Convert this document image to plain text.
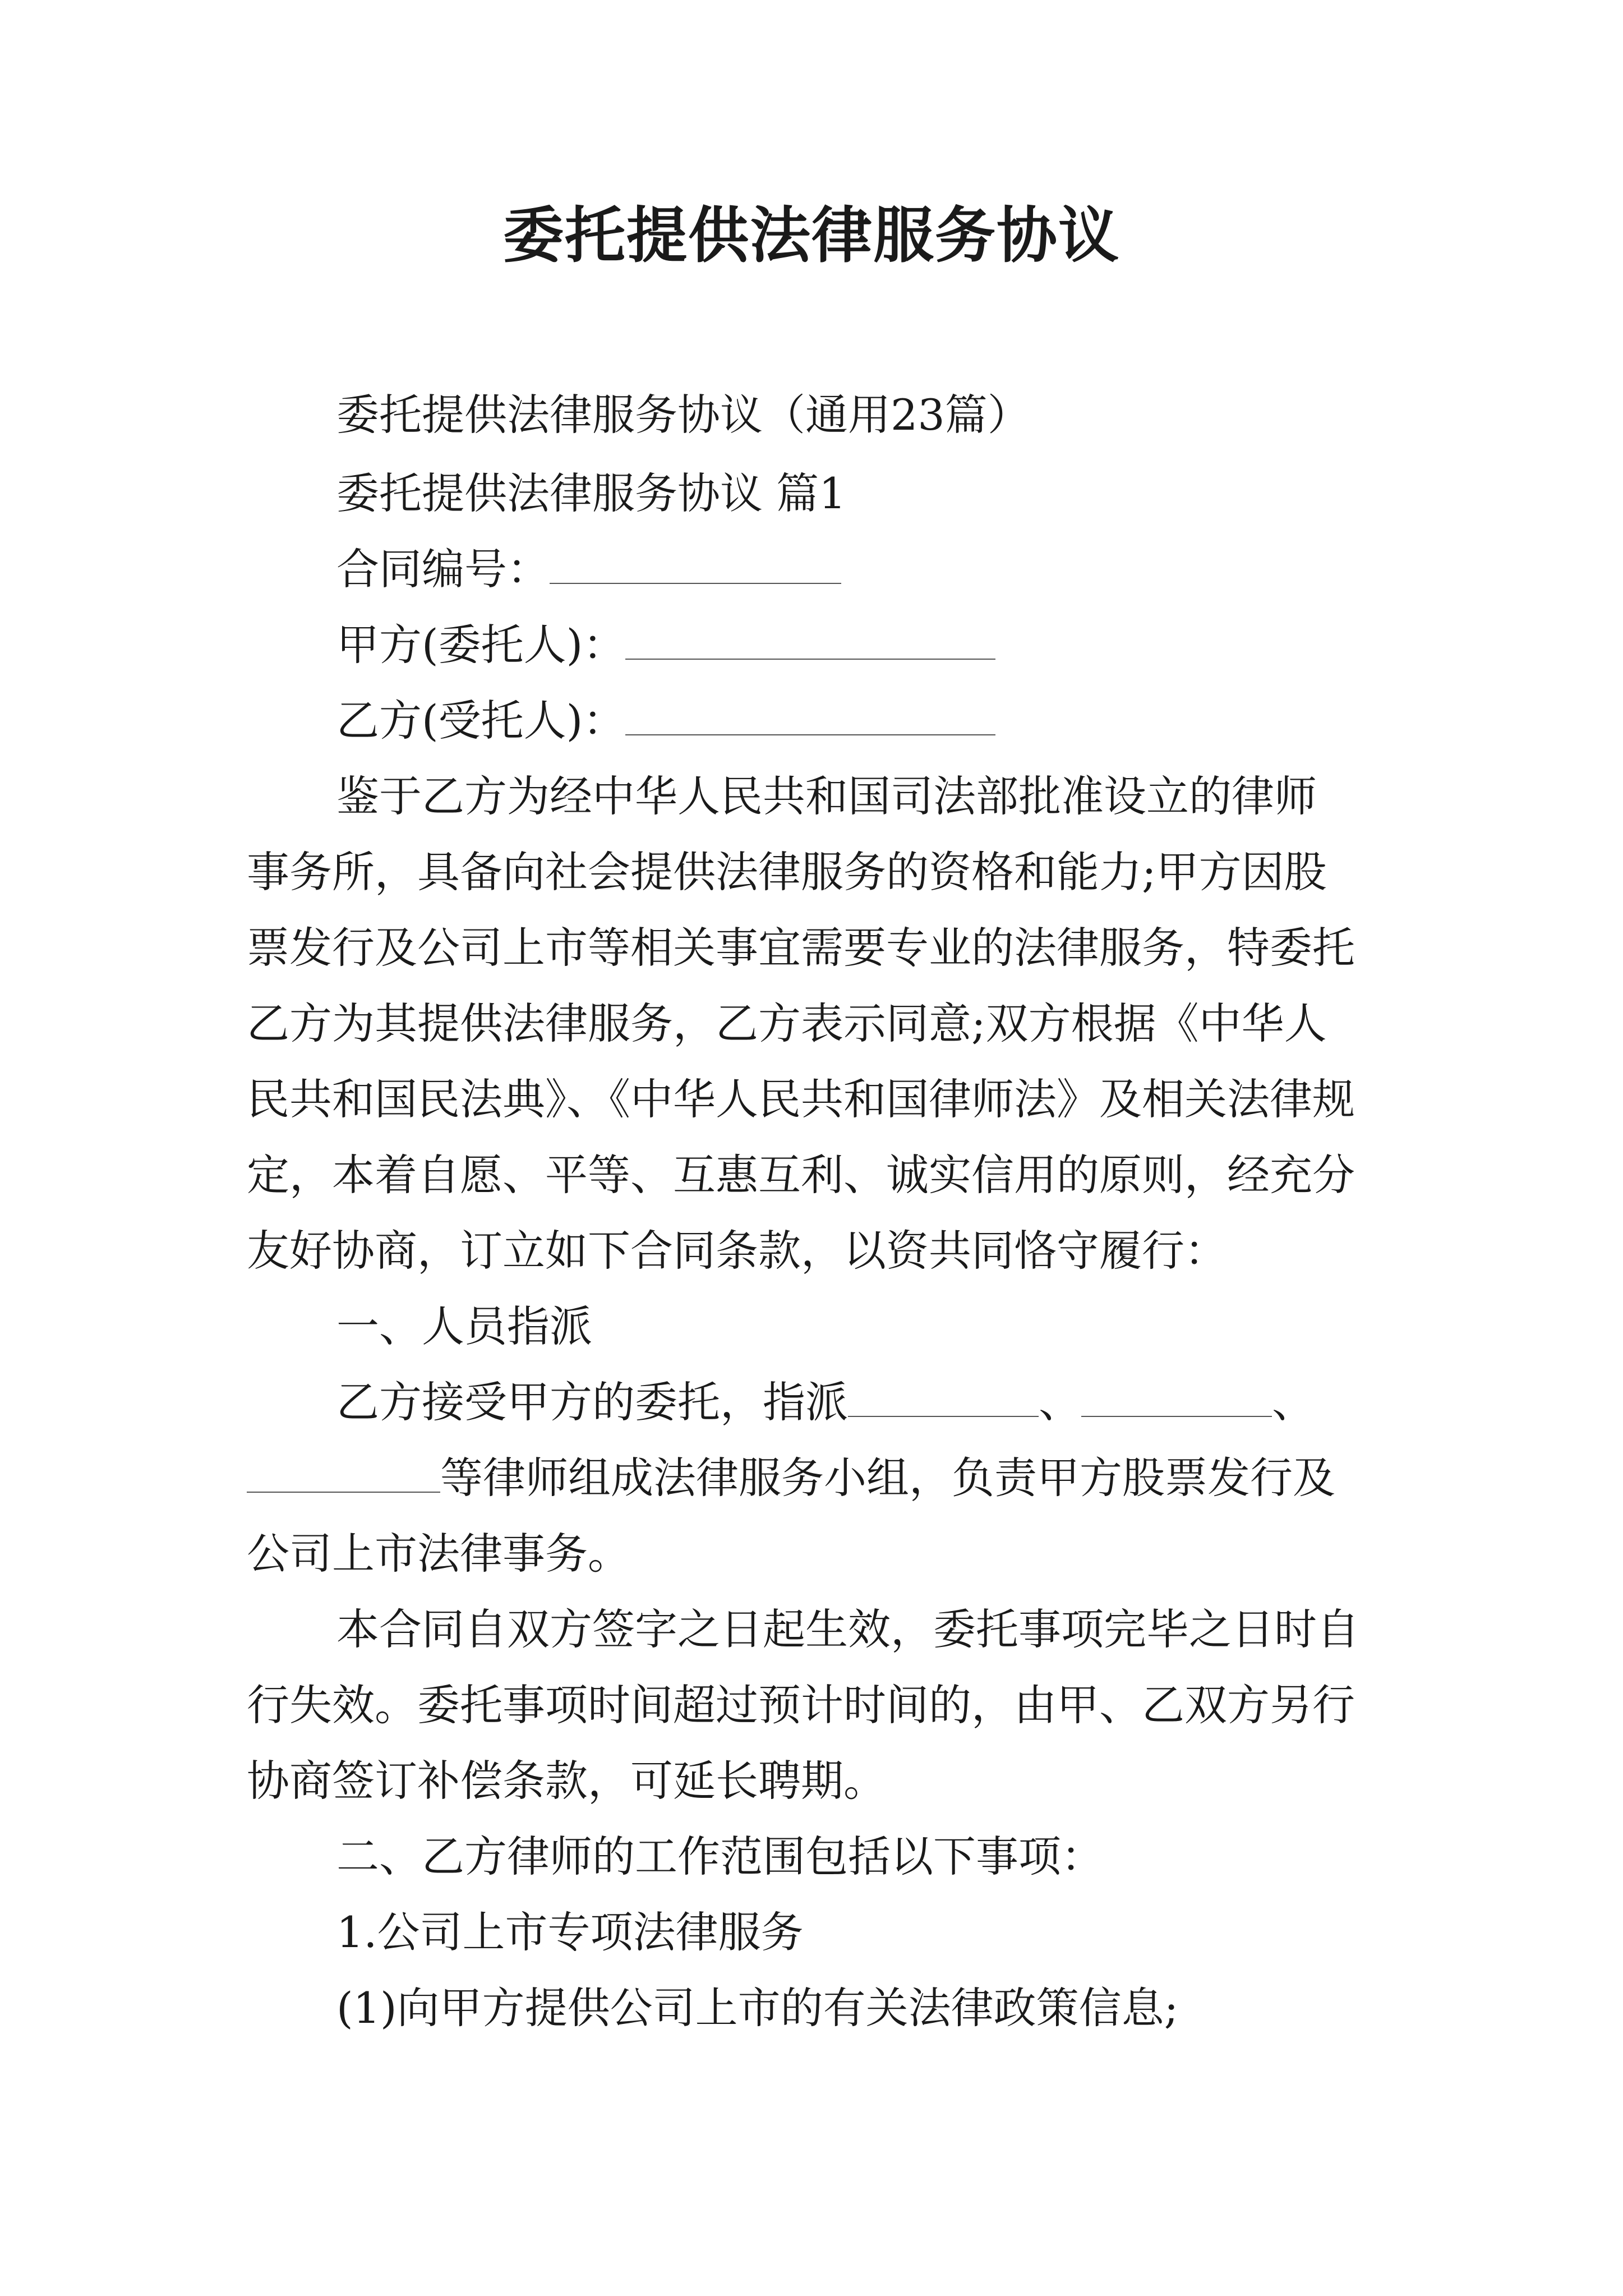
委托提供法律服务协议
委托提供法律服务协议（通用23篇）
委托提供法律服务协议 篇1
合同编号：
甲方(委托人)：
乙方(受托人)：
鉴于乙方为经中华人民共和国司法部批准设立的律师
事务所，具备向社会提供法律服务的资格和能力;甲方因股
票发行及公司上市等相关事宜需要专业的法律服务，特委托
乙方为其提供法律服务，乙方表示同意;双方根据《中华人
民共和国民法典》、《中华人民共和国律师法》及相关法律规
定，本着自愿、平等、互惠互利、诚实信用的原则，经充分
友好协商，订立如下合同条款，以资共同恪守履行：
一、人员指派
乙方接受甲方的委托，指派	、	、
等律师组成法律服务小组，负责甲方股票发行及
公司上市法律事务。
本合同自双方签字之日起生效，委托事项完毕之日时自
行失效。委托事项时间超过预计时间的，由甲、乙双方另行
协商签订补偿条款，可延长聘期。
二、乙方律师的工作范围包括以下事项：
1.公司上市专项法律服务
(1)向甲方提供公司上市的有关法律政策信息;
